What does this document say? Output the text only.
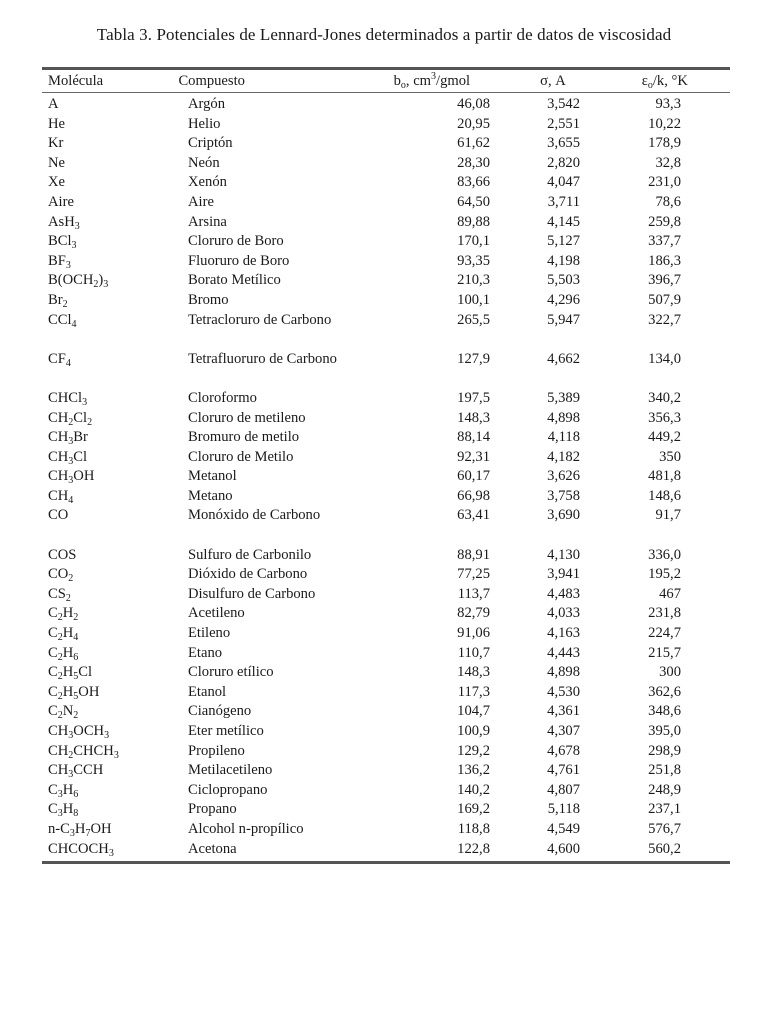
Tabla 3. Potenciales de Lennard-Jones determinados a partir de datos de viscosidad
Molécula	Compuesto	$b_o$, $cm^3$/gmol	σ, A	$\varepsilon_o/k$, °K
A	Argón	46,08	3,542	93,3
He	Helio	20,95	2,551	10,22
Kr	Criptón	61,62	3,655	178,9
Ne	Neón	28,30	2,820	32,8
Xe	Xenón	83,66	4,047	231,0
Aire	Aire	64,50	3,711	78,6
AsH$_3$	Arsina	89,88	4,145	259,8
BCl$_3$	Cloruro de Boro	170,1	5,127	337,7
$BF_3$	Fluoruro de Boro	93,35	4,198	186,3
$B(OCH_2)_3$	Borato Metílico	210,3	5,503	396,7
$Br_2$	Bromo	100,1	4,296	507,9
CCl$_4$	Tetracloruro de Carbono	265,5	5,947	322,7
$CF_4$	Tetrafluoruro de Carbono	127,9	4,662	134,0
CHCl$_3$	Cloroformo	197,5	5,389	340,2
$CH_2Cl_2$	Cloruro de metileno	148,3	4,898	356,3
$CH_3Br$	Bromuro de metilo	88,14	4,118	449,2
$CH_3Cl$	Cloruro de Metilo	92,31	4,182	350
$CH_3OH$	Metanol	60,17	3,626	481,8
$CH_4$	Metano	66,98	3,758	148,6
CO	Monóxido de Carbono	63,41	3,690	91,7
COS	Sulfuro de Carbonilo	88,91	4,130	336,0
$CO_2$	Dióxido de Carbono	77,25	3,941	195,2
$CS_2$	Disulfuro de Carbono	113,7	4,483	467
$C_2H_2$	Acetileno	82,79	4,033	231,8
$C_2H_4$	Etileno	91,06	4,163	224,7
$C_2H_6$	Etano	110,7	4,443	215,7
$C_2H_5Cl$	Cloruro etílico	148,3	4,898	300
$C_2H_5OH$	Etanol	117,3	4,530	362,6
$C_2N_2$	Cianógeno	104,7	4,361	348,6
$CH_3OCH_3$	Eter metílico	100,9	4,307	395,0
$CH_2CHCH_3$	Propileno	129,2	4,678	298,9
$CH_3CCH$	Metilacetileno	136,2	4,761	251,8
$C_3H_6$	Ciclopropano	140,2	4,807	248,9
$C_3H_8$	Propano	169,2	5,118	237,1
$n-C_3H_7OH$	Alcohol n-propílico	118,8	4,549	576,7
$CHCOCH_3$	Acetona	122,8	4,600	560,2
